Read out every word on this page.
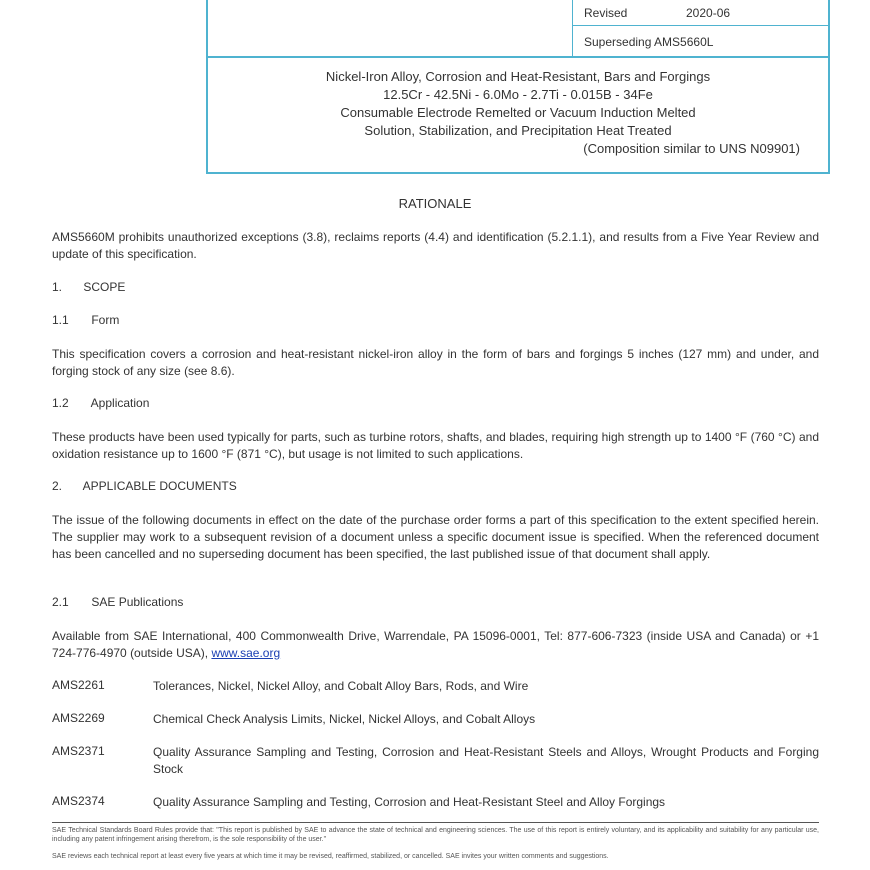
Revised	2020-06
Superseding AMS5660L
Nickel-Iron Alloy, Corrosion and Heat-Resistant, Bars and Forgings
12.5Cr - 42.5Ni - 6.0Mo - 2.7Ti - 0.015B - 34Fe
Consumable Electrode Remelted or Vacuum Induction Melted
Solution, Stabilization, and Precipitation Heat Treated
(Composition similar to UNS N09901)
RATIONALE
AMS5660M prohibits unauthorized exceptions (3.8), reclaims reports (4.4) and identification (5.2.1.1), and results from a Five Year Review and update of this specification.
1. SCOPE
1.1 Form
This specification covers a corrosion and heat-resistant nickel-iron alloy in the form of bars and forgings 5 inches (127 mm) and under, and forging stock of any size (see 8.6).
1.2 Application
These products have been used typically for parts, such as turbine rotors, shafts, and blades, requiring high strength up to 1400 °F (760 °C) and oxidation resistance up to 1600 °F (871 °C), but usage is not limited to such applications.
2. APPLICABLE DOCUMENTS
The issue of the following documents in effect on the date of the purchase order forms a part of this specification to the extent specified herein. The supplier may work to a subsequent revision of a document unless a specific document issue is specified. When the referenced document has been cancelled and no superseding document has been specified, the last published issue of that document shall apply.
2.1 SAE Publications
Available from SAE International, 400 Commonwealth Drive, Warrendale, PA 15096-0001, Tel: 877-606-7323 (inside USA and Canada) or +1 724-776-4970 (outside USA), www.sae.org
AMS2261	Tolerances, Nickel, Nickel Alloy, and Cobalt Alloy Bars, Rods, and Wire
AMS2269	Chemical Check Analysis Limits, Nickel, Nickel Alloys, and Cobalt Alloys
AMS2371	Quality Assurance Sampling and Testing, Corrosion and Heat-Resistant Steels and Alloys, Wrought Products and Forging Stock
AMS2374	Quality Assurance Sampling and Testing, Corrosion and Heat-Resistant Steel and Alloy Forgings
SAE Technical Standards Board Rules provide that: "This report is published by SAE to advance the state of technical and engineering sciences. The use of this report is entirely voluntary, and its applicability and suitability for any particular use, including any patent infringement arising therefrom, is the sole responsibility of the user."
SAE reviews each technical report at least every five years at which time it may be revised, reaffirmed, stabilized, or cancelled. SAE invites your written comments and suggestions.
